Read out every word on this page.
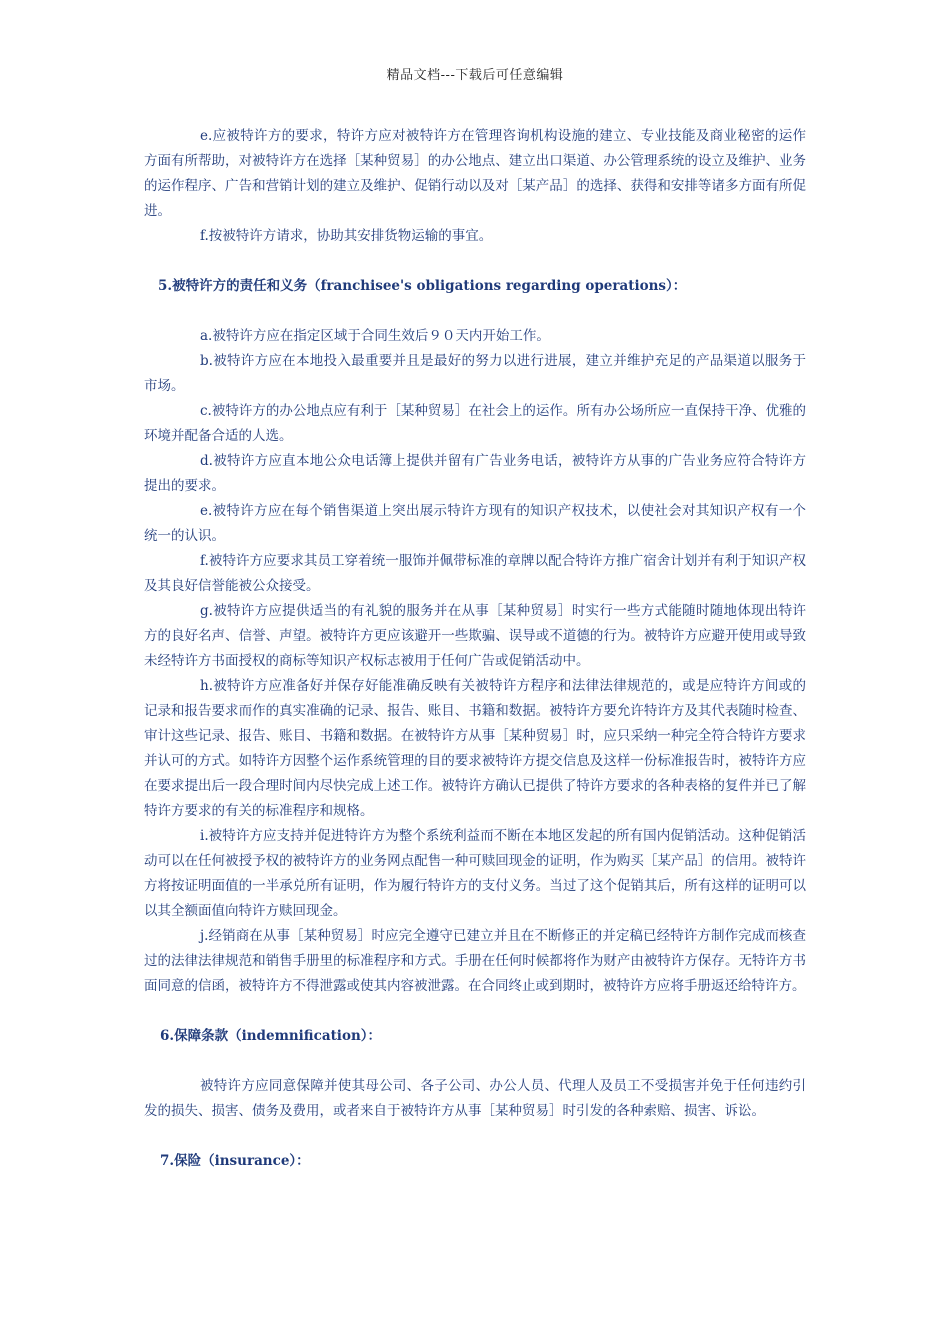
精品文档---下载后可任意编辑

e.应被特许方的要求，特许方应对被特许方在管理咨询机构设施的建立、专业技能及商业秘密的运作方面有所帮助，对被特许方在选择［某种贸易］的办公地点、建立出口渠道、办公管理系统的设立及维护、业务的运作程序、广告和营销计划的建立及维护、促销行动以及对［某产品］的选择、获得和安排等诸多方面有所促进。

f.按被特许方请求，协助其安排货物运输的事宜。

5.被特许方的责任和义务（franchisee's obligations regarding operations）：

a.被特许方应在指定区域于合同生效后９０天内开始工作。

b.被特许方应在本地投入最重要并且是最好的努力以进行进展，建立并维护充足的产品渠道以服务于市场。

c.被特许方的办公地点应有利于［某种贸易］在社会上的运作。所有办公场所应一直保持干净、优雅的环境并配备合适的人选。

d.被特许方应直本地公众电话簿上提供并留有广告业务电话，被特许方从事的广告业务应符合特许方提出的要求。

e.被特许方应在每个销售渠道上突出展示特许方现有的知识产权技术，以使社会对其知识产权有一个统一的认识。

f.被特许方应要求其员工穿着统一服饰并佩带标准的章牌以配合特许方推广宿舍计划并有利于知识产权及其良好信誉能被公众接受。

g.被特许方应提供适当的有礼貌的服务并在从事［某种贸易］时实行一些方式能随时随地体现出特许方的良好名声、信誉、声望。被特许方更应该避开一些欺骗、误导或不道德的行为。被特许方应避开使用或导致未经特许方书面授权的商标等知识产权标志被用于任何广告或促销活动中。

h.被特许方应准备好并保存好能准确反映有关被特许方程序和法律法律规范的，或是应特许方间或的记录和报告要求而作的真实准确的记录、报告、账目、书籍和数据。被特许方要允许特许方及其代表随时检查、审计这些记录、报告、账目、书籍和数据。在被特许方从事［某种贸易］时，应只采纳一种完全符合特许方要求并认可的方式。如特许方因整个运作系统管理的目的要求被特许方提交信息及这样一份标准报告时，被特许方应在要求提出后一段合理时间内尽快完成上述工作。被特许方确认已提供了特许方要求的各种表格的复件并已了解特许方要求的有关的标准程序和规格。

i.被特许方应支持并促进特许方为整个系统利益而不断在本地区发起的所有国内促销活动。这种促销活动可以在任何被授予权的被特许方的业务网点配售一种可赎回现金的证明，作为购买［某产品］的信用。被特许方将按证明面值的一半承兑所有证明，作为履行特许方的支付义务。当过了这个促销其后，所有这样的证明可以以其全额面值向特许方赎回现金。

j.经销商在从事［某种贸易］时应完全遵守已建立并且在不断修正的并定稿已经特许方制作完成而核查过的法律法律规范和销售手册里的标准程序和方式。手册在任何时候都将作为财产由被特许方保存。无特许方书面同意的信函，被特许方不得泄露或使其内容被泄露。在合同终止或到期时，被特许方应将手册返还给特许方。

6.保障条款（indemnification）：

被特许方应同意保障并使其母公司、各子公司、办公人员、代理人及员工不受损害并免于任何违约引发的损失、损害、债务及费用，或者来自于被特许方从事［某种贸易］时引发的各种索赔、损害、诉讼。

7.保险（insurance）：
